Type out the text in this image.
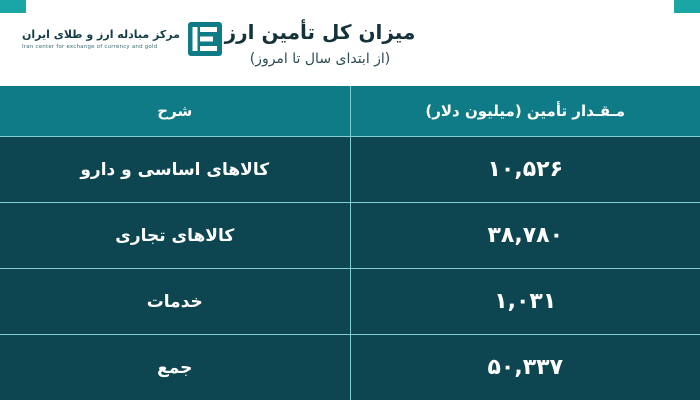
مرکز مبادله ارز و طلای ایران
Iran center for exchange of currency and gold
میزان کل تأمین ارز
(از ابتدای سال تا امروز)
مـقـدار تأمین (میلیون دلار)	شرح
۱۰,۵۲۶	کالاهای اساسی و دارو
۳۸,۷۸۰	کالاهای تجاری
۱,۰۳۱	خدمات
۵۰,۳۳۷	جمع
